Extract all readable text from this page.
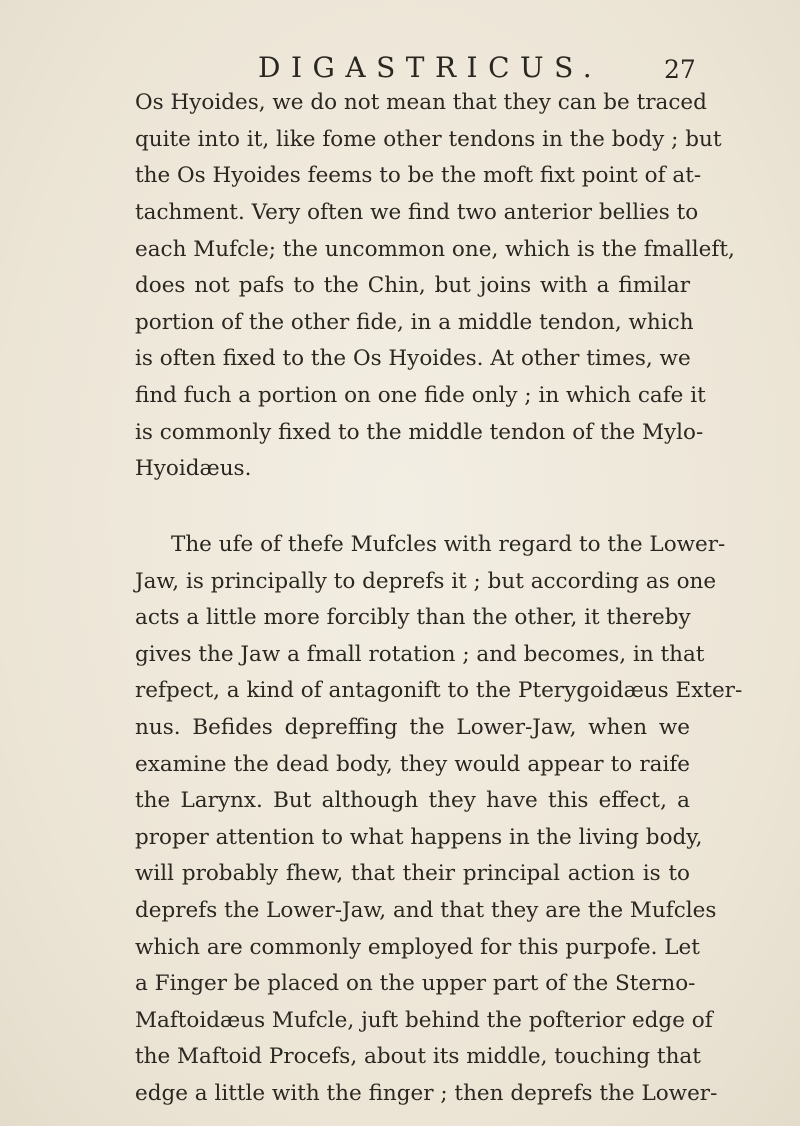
DIGASTRICUS. 27
Os Hyoides, we do not mean that they can be traced
quite into it, like fome other tendons in the body ; but
the Os Hyoides feems to be the moft fixt point of at-
tachment. Very often we find two anterior bellies to
each Mufcle; the uncommon one, which is the fmalleft,
does not pafs to the Chin, but joins with a fimilar
portion of the other fide, in a middle tendon, which
is often fixed to the Os Hyoides. At other times, we
find fuch a portion on one fide only ; in which cafe it
is commonly fixed to the middle tendon of the Mylo-
Hyoidæus.
The ufe of thefe Mufcles with regard to the Lower-
Jaw, is principally to deprefs it ; but according as one
acts a little more forcibly than the other, it thereby
gives the Jaw a fmall rotation ; and becomes, in that
refpect, a kind of antagonift to the Pterygoidæus Exter-
nus. Befides depreffing the Lower-Jaw, when we
examine the dead body, they would appear to raife
the Larynx. But although they have this effect, a
proper attention to what happens in the living body,
will probably fhew, that their principal action is to
deprefs the Lower-Jaw, and that they are the Mufcles
which are commonly employed for this purpofe. Let
a Finger be placed on the upper part of the Sterno-
Maftoidæus Mufcle, juft behind the pofterior edge of
the Maftoid Procefs, about its middle, touching that
edge a little with the finger ; then deprefs the Lower-
